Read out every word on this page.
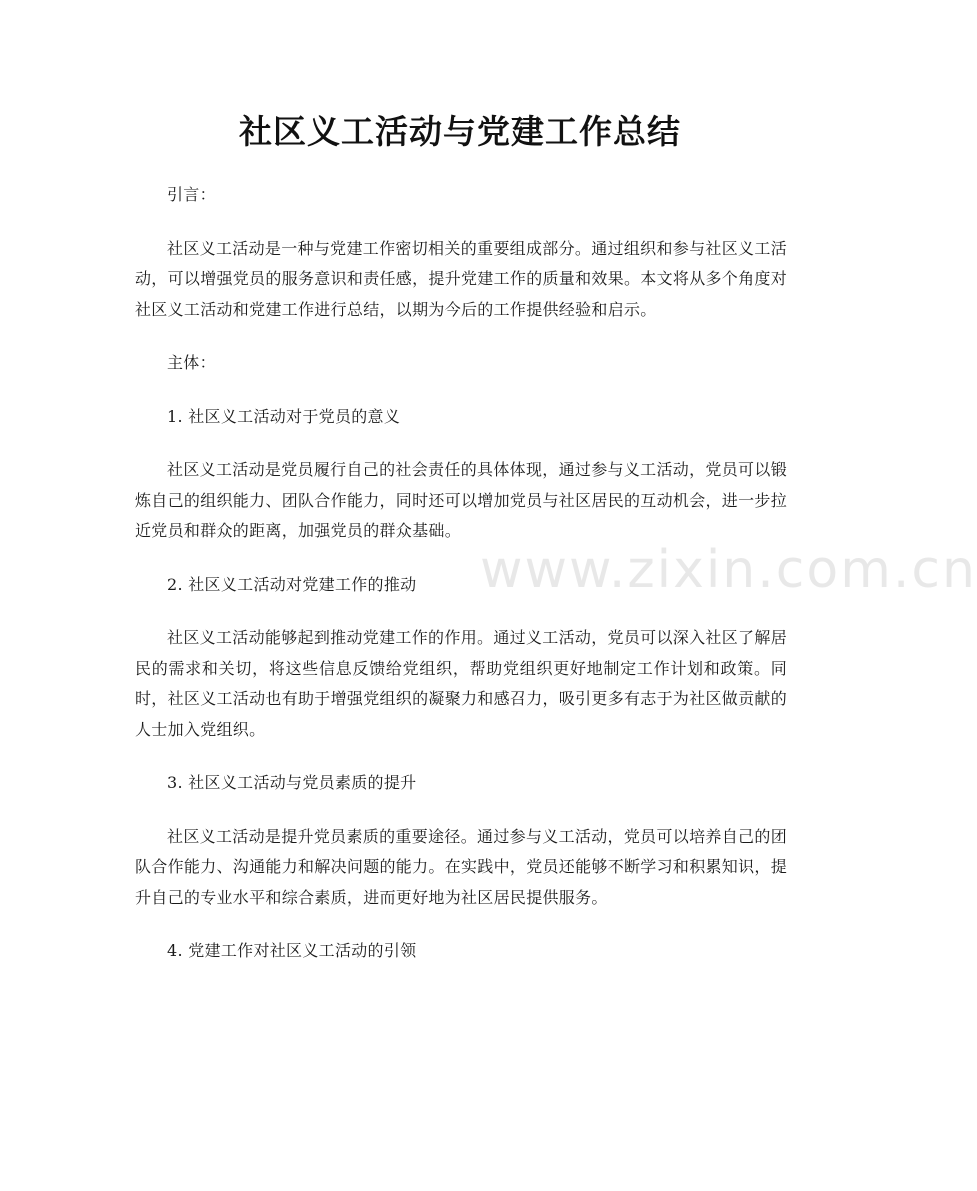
社区义工活动与党建工作总结
www.zixin.com.cn

引言：

社区义工活动是一种与党建工作密切相关的重要组成部分。通过组织和参与社区义工活动，可以增强党员的服务意识和责任感，提升党建工作的质量和效果。本文将从多个角度对社区义工活动和党建工作进行总结，以期为今后的工作提供经验和启示。

主体：

1. 社区义工活动对于党员的意义

社区义工活动是党员履行自己的社会责任的具体体现，通过参与义工活动，党员可以锻炼自己的组织能力、团队合作能力，同时还可以增加党员与社区居民的互动机会，进一步拉近党员和群众的距离，加强党员的群众基础。

2. 社区义工活动对党建工作的推动

社区义工活动能够起到推动党建工作的作用。通过义工活动，党员可以深入社区了解居民的需求和关切，将这些信息反馈给党组织，帮助党组织更好地制定工作计划和政策。同时，社区义工活动也有助于增强党组织的凝聚力和感召力，吸引更多有志于为社区做贡献的人士加入党组织。

3. 社区义工活动与党员素质的提升

社区义工活动是提升党员素质的重要途径。通过参与义工活动，党员可以培养自己的团队合作能力、沟通能力和解决问题的能力。在实践中，党员还能够不断学习和积累知识，提升自己的专业水平和综合素质，进而更好地为社区居民提供服务。

4. 党建工作对社区义工活动的引领
